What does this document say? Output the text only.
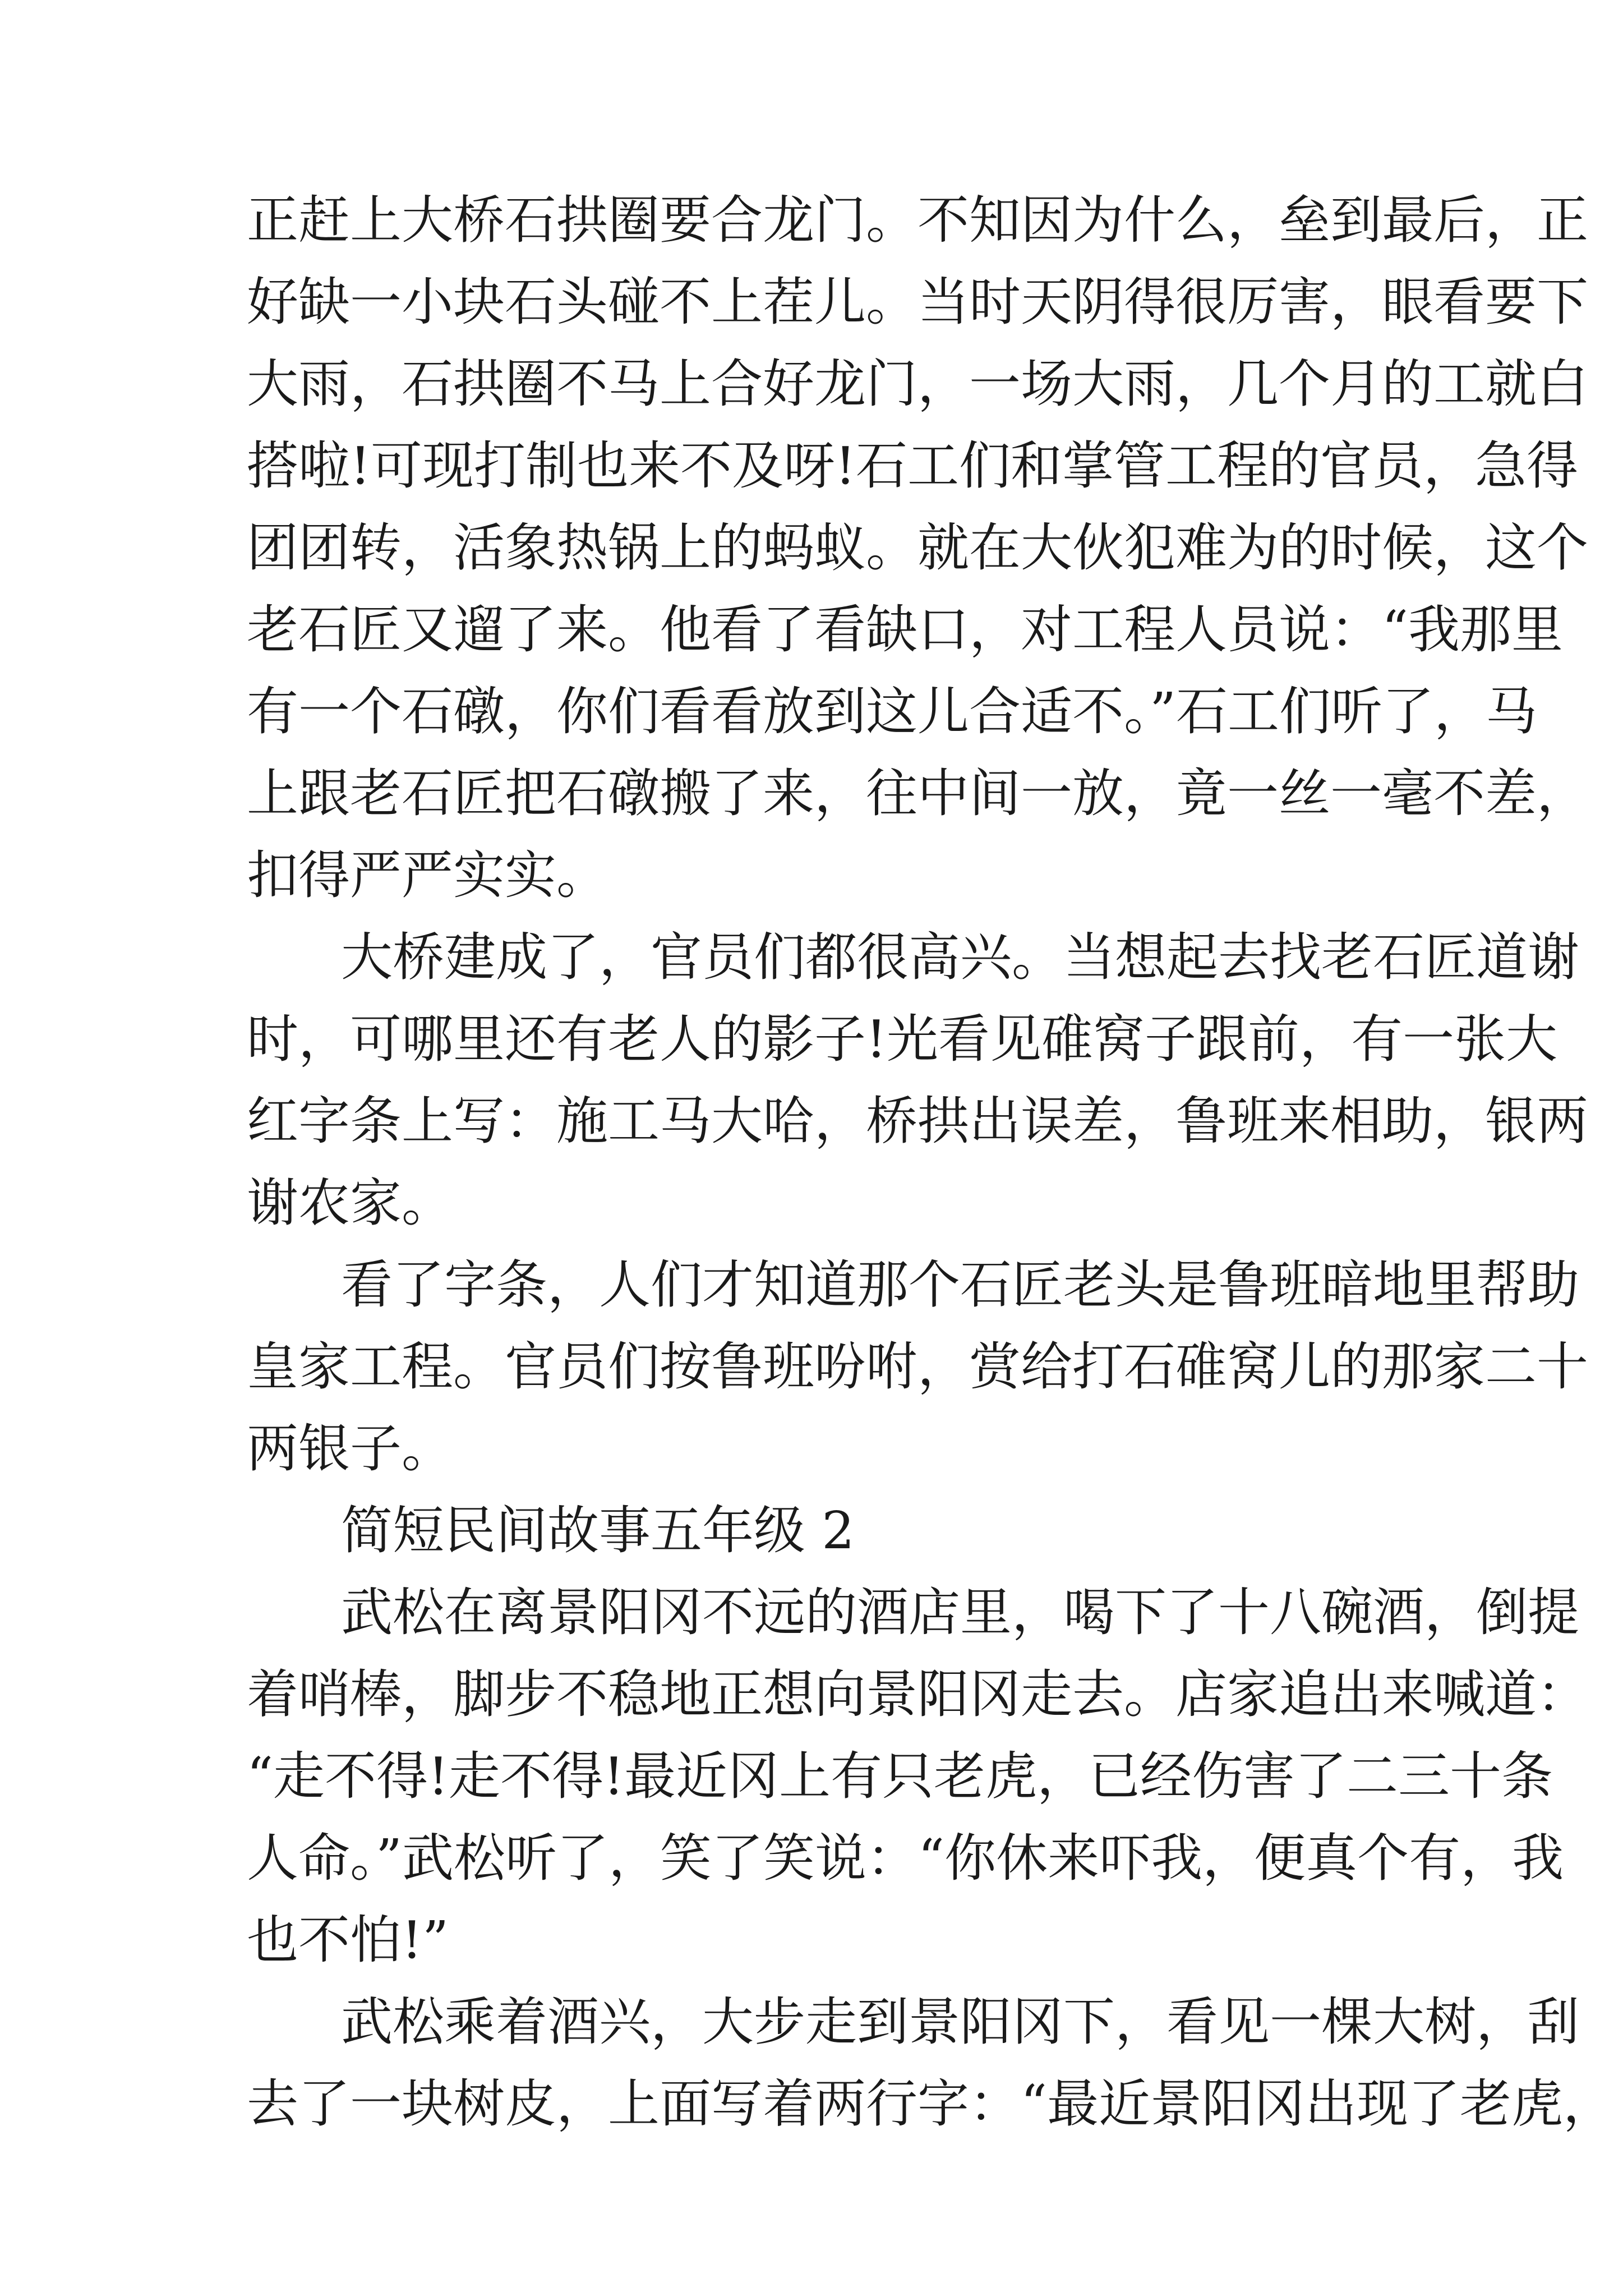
正赶上大桥石拱圈要合龙门。不知因为什么，垒到最后，正
好缺一小块石头碰不上茬儿。当时天阴得很厉害，眼看要下
大雨，石拱圈不马上合好龙门，一场大雨，几个月的工就白
搭啦!可现打制也来不及呀!石工们和掌管工程的官员，急得
团团转，活象热锅上的蚂蚁。就在大伙犯难为的时候，这个
老石匠又遛了来。他看了看缺口，对工程人员说：“我那里
有一个石礅，你们看看放到这儿合适不。”石工们听了，马
上跟老石匠把石礅搬了来，往中间一放，竟一丝一毫不差，
扣得严严实实。

大桥建成了，官员们都很高兴。当想起去找老石匠道谢
时，可哪里还有老人的影子!光看见碓窝子跟前，有一张大
红字条上写：施工马大哈，桥拱出误差，鲁班来相助，银两
谢农家。

看了字条，人们才知道那个石匠老头是鲁班暗地里帮助
皇家工程。官员们按鲁班吩咐，赏给打石碓窝儿的那家二十
两银子。

简短民间故事五年级 2

武松在离景阳冈不远的酒店里，喝下了十八碗酒，倒提
着哨棒，脚步不稳地正想向景阳冈走去。店家追出来喊道：
“走不得!走不得!最近冈上有只老虎，已经伤害了二三十条
人命。”武松听了，笑了笑说：“你休来吓我，便真个有，我
也不怕!”

武松乘着酒兴，大步走到景阳冈下，看见一棵大树，刮
去了一块树皮，上面写着两行字：“最近景阳冈出现了老虎，
